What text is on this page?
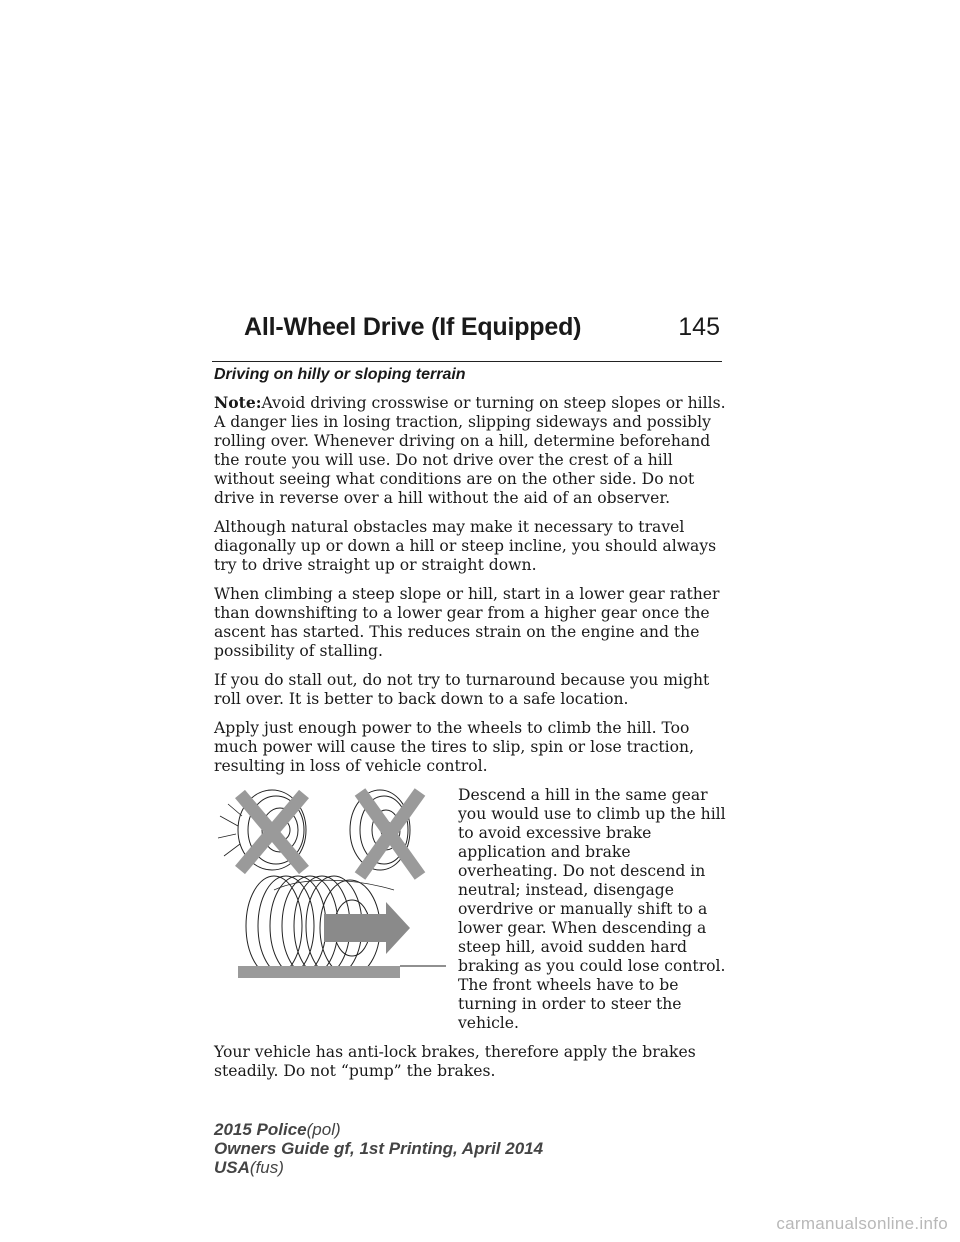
All-Wheel Drive (If Equipped)	145
Driving on hilly or sloping terrain

Note:Avoid driving crosswise or turning on steep slopes or hills. A danger lies in losing traction, slipping sideways and possibly rolling over. Whenever driving on a hill, determine beforehand the route you will use. Do not drive over the crest of a hill without seeing what conditions are on the other side. Do not drive in reverse over a hill without the aid of an observer.

Although natural obstacles may make it necessary to travel diagonally up or down a hill or steep incline, you should always try to drive straight up or straight down.

When climbing a steep slope or hill, start in a lower gear rather than downshifting to a lower gear from a higher gear once the ascent has started. This reduces strain on the engine and the possibility of stalling.

If you do stall out, do not try to turnaround because you might roll over. It is better to back down to a safe location.

Apply just enough power to the wheels to climb the hill. Too much power will cause the tires to slip, spin or lose traction, resulting in loss of vehicle control.

Descend a hill in the same gear you would use to climb up the hill to avoid excessive brake application and brake overheating. Do not descend in neutral; instead, disengage overdrive or manually shift to a lower gear. When descending a steep hill, avoid sudden hard braking as you could lose control. The front wheels have to be turning in order to steer the vehicle.

Your vehicle has anti-lock brakes, therefore apply the brakes steadily. Do not “pump” the brakes.

2015 Police(pol)
Owners Guide gf, 1st Printing, April 2014
USA(fus)
carmanualsonline.info
